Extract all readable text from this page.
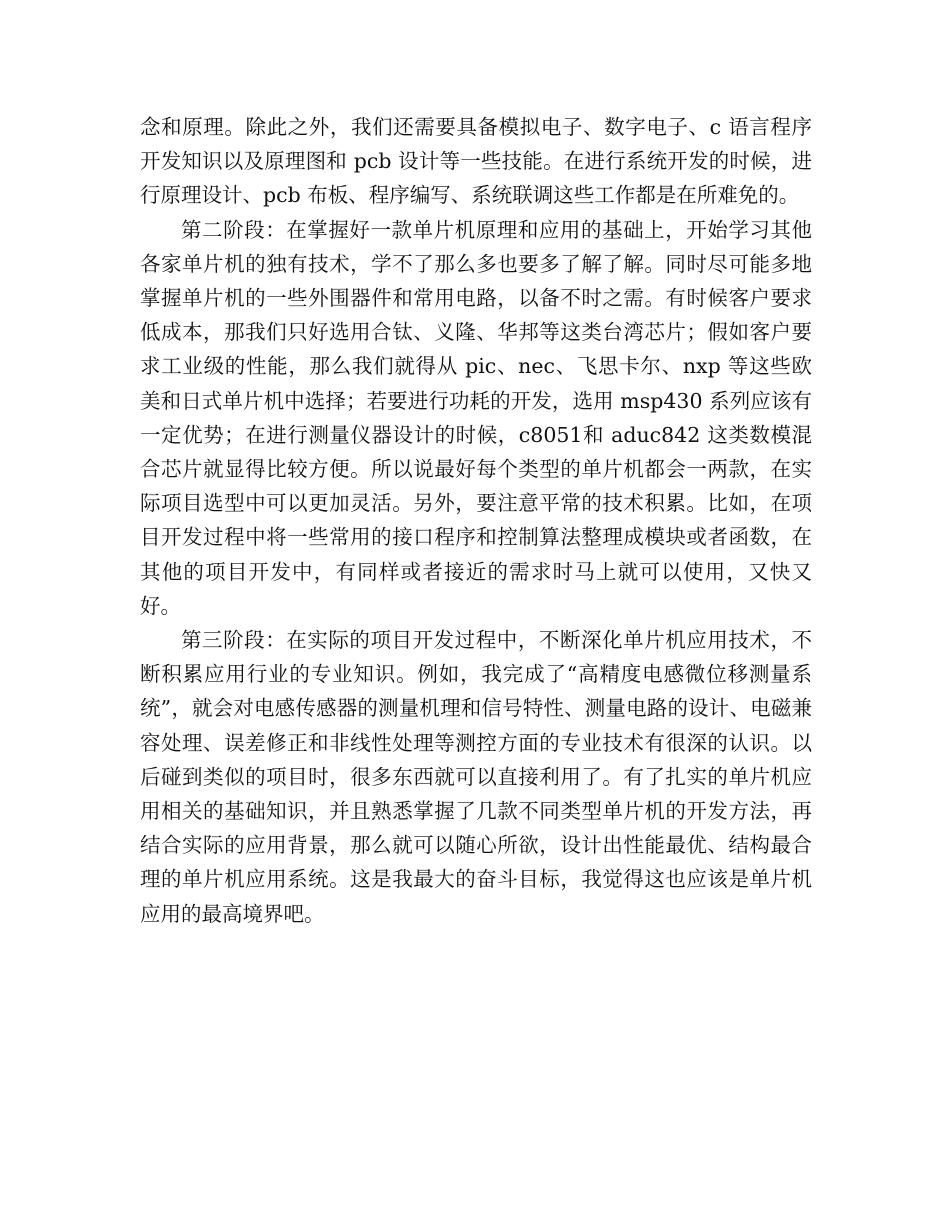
念和原理。除此之外，我们还需要具备模拟电子、数字电子、c 语言程序开发知识以及原理图和 pcb 设计等一些技能。在进行系统开发的时候，进行原理设计、pcb 布板、程序编写、系统联调这些工作都是在所难免的。

第二阶段：在掌握好一款单片机原理和应用的基础上，开始学习其他各家单片机的独有技术，学不了那么多也要多了解了解。同时尽可能多地掌握单片机的一些外围器件和常用电路，以备不时之需。有时候客户要求低成本，那我们只好选用合钛、义隆、华邦等这类台湾芯片；假如客户要求工业级的性能，那么我们就得从 pic、nec、飞思卡尔、nxp 等这些欧美和日式单片机中选择；若要进行功耗的开发，选用 msp430 系列应该有一定优势；在进行测量仪器设计的时候，c8051和 aduc842 这类数模混合芯片就显得比较方便。所以说最好每个类型的单片机都会一两款，在实际项目选型中可以更加灵活。另外，要注意平常的技术积累。比如，在项目开发过程中将一些常用的接口程序和控制算法整理成模块或者函数，在其他的项目开发中，有同样或者接近的需求时马上就可以使用，又快又好。

第三阶段：在实际的项目开发过程中，不断深化单片机应用技术，不断积累应用行业的专业知识。例如，我完成了“高精度电感微位移测量系统”，就会对电感传感器的测量机理和信号特性、测量电路的设计、电磁兼容处理、误差修正和非线性处理等测控方面的专业技术有很深的认识。以后碰到类似的项目时，很多东西就可以直接利用了。有了扎实的单片机应用相关的基础知识，并且熟悉掌握了几款不同类型单片机的开发方法，再结合实际的应用背景，那么就可以随心所欲，设计出性能最优、结构最合理的单片机应用系统。这是我最大的奋斗目标，我觉得这也应该是单片机应用的最高境界吧。
